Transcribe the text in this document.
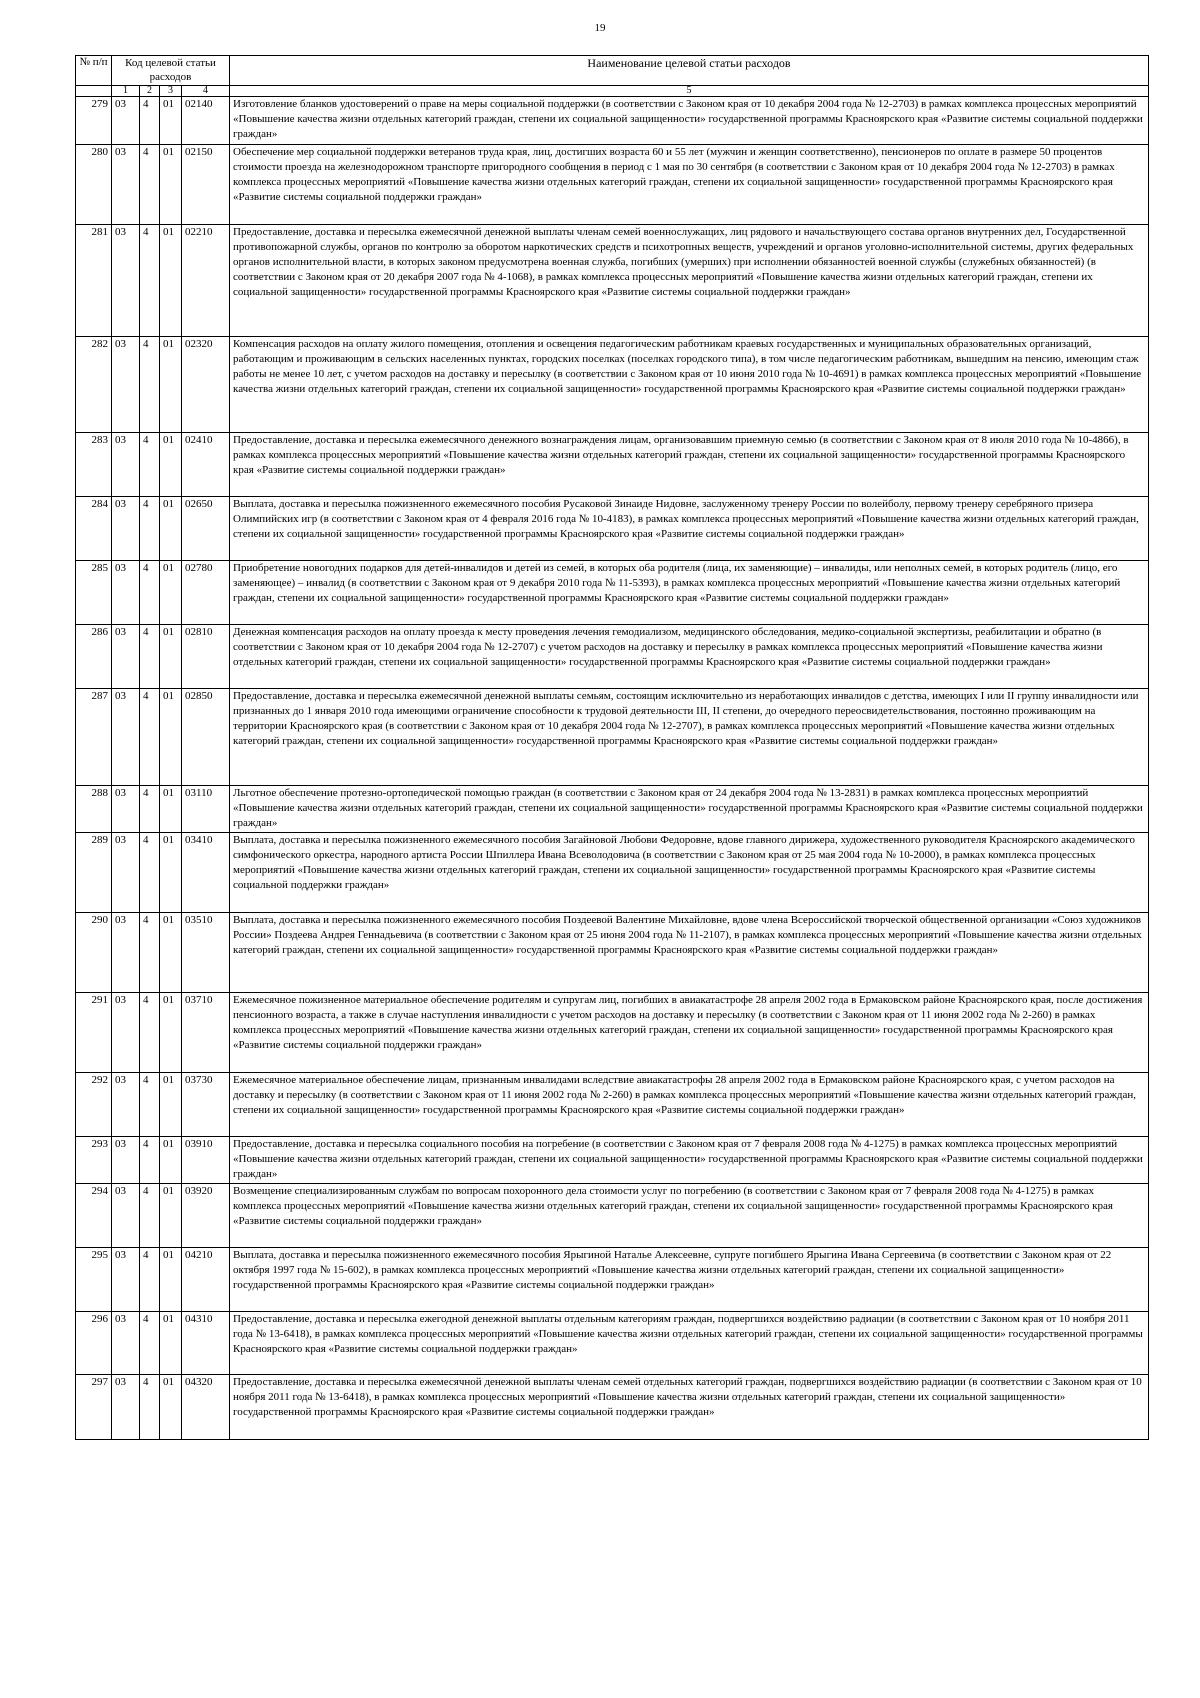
19
№ п/п	Код целевой статьи расходов				Наименование целевой статьи расходов

	1	2	3	4	5
279	03	4	01	02140	Изготовление бланков удостоверений о праве на меры социальной поддержки (в соответствии с Законом края от 10 декабря 2004 года № 12-2703) в рамках комплекса процессных мероприятий «Повышение качества жизни отдельных категорий граждан, степени их социальной защищенности» государственной программы Красноярского края «Развитие системы социальной поддержки граждан»
280	03	4	01	02150	Обеспечение мер социальной поддержки ветеранов труда края, лиц, достигших возраста 60 и 55 лет (мужчин и женщин соответственно), пенсионеров по оплате в размере 50 процентов стоимости проезда на железнодорожном транспорте пригородного сообщения в период с 1 мая по 30 сентября (в соответствии с Законом края от 10 декабря 2004 года № 12-2703) в рамках комплекса процессных мероприятий «Повышение качества жизни отдельных категорий граждан, степени их социальной защищенности» государственной программы Красноярского края «Развитие системы социальной поддержки граждан»
281	03	4	01	02210	Предоставление, доставка и пересылка ежемесячной денежной выплаты членам семей военнослужащих, лиц рядового и начальствующего состава органов внутренних дел, Государственной противопожарной службы, органов по контролю за оборотом наркотических средств и психотропных веществ, учреждений и органов уголовно-исполнительной системы, других федеральных органов исполнительной власти, в которых законом предусмотрена военная служба, погибших (умерших) при исполнении обязанностей военной службы (служебных обязанностей) (в соответствии с Законом края от 20 декабря 2007 года № 4-1068), в рамках комплекса процессных мероприятий «Повышение качества жизни отдельных категорий граждан, степени их социальной защищенности» государственной программы Красноярского края «Развитие системы социальной поддержки граждан»
282	03	4	01	02320	Компенсация расходов на оплату жилого помещения, отопления и освещения педагогическим работникам краевых государственных и муниципальных образовательных организаций, работающим и проживающим в сельских населенных пунктах, городских поселках (поселках городского типа), в том числе педагогическим работникам, вышедшим на пенсию, имеющим стаж работы не менее 10 лет, с учетом расходов на доставку и пересылку (в соответствии с Законом края от 10 июня 2010 года № 10-4691) в рамках комплекса процессных мероприятий «Повышение качества жизни отдельных категорий граждан, степени их социальной защищенности» государственной программы Красноярского края «Развитие системы социальной поддержки граждан»
283	03	4	01	02410	Предоставление, доставка и пересылка ежемесячного денежного вознаграждения лицам, организовавшим приемную семью (в соответствии с Законом края от 8 июля 2010 года № 10-4866), в рамках комплекса процессных мероприятий «Повышение качества жизни отдельных категорий граждан, степени их социальной защищенности» государственной программы Красноярского края «Развитие системы социальной поддержки граждан»
284	03	4	01	02650	Выплата, доставка и пересылка пожизненного ежемесячного пособия Русаковой Зинаиде Нидовне, заслуженному тренеру России по волейболу, первому тренеру серебряного призера Олимпийских игр (в соответствии с Законом края от 4 февраля 2016 года № 10-4183), в рамках комплекса процессных мероприятий «Повышение качества жизни отдельных категорий граждан, степени их социальной защищенности» государственной программы Красноярского края «Развитие системы социальной поддержки граждан»
285	03	4	01	02780	Приобретение новогодних подарков для детей-инвалидов и детей из семей, в которых оба родителя (лица, их заменяющие) – инвалиды, или неполных семей, в которых родитель (лицо, его заменяющее) – инвалид (в соответствии с Законом края от 9 декабря 2010 года № 11-5393), в рамках комплекса процессных мероприятий «Повышение качества жизни отдельных категорий граждан, степени их социальной защищенности» государственной программы Красноярского края «Развитие системы социальной поддержки граждан»
286	03	4	01	02810	Денежная компенсация расходов на оплату проезда к месту проведения лечения гемодиализом, медицинского обследования, медико-социальной экспертизы, реабилитации и обратно (в соответствии с Законом края от 10 декабря 2004 года № 12-2707) с учетом расходов на доставку и пересылку в рамках комплекса процессных мероприятий «Повышение качества жизни отдельных категорий граждан, степени их социальной защищенности» государственной программы Красноярского края «Развитие системы социальной поддержки граждан»
287	03	4	01	02850	Предоставление, доставка и пересылка ежемесячной денежной выплаты семьям, состоящим исключительно из неработающих инвалидов с детства, имеющих I или II группу инвалидности или признанных до 1 января 2010 года имеющими ограничение способности к трудовой деятельности III, II степени, до очередного переосвидетельствования, постоянно проживающим на территории Красноярского края (в соответствии с Законом края от 10 декабря 2004 года № 12-2707), в рамках комплекса процессных мероприятий «Повышение качества жизни отдельных категорий граждан, степени их социальной защищенности» государственной программы Красноярского края «Развитие системы социальной поддержки граждан»
288	03	4	01	03110	Льготное обеспечение протезно-ортопедической помощью граждан (в соответствии с Законом края от 24 декабря 2004 года № 13-2831) в рамках комплекса процессных мероприятий «Повышение качества жизни отдельных категорий граждан, степени их социальной защищенности» государственной программы Красноярского края «Развитие системы социальной поддержки граждан»
289	03	4	01	03410	Выплата, доставка и пересылка пожизненного ежемесячного пособия Загайновой Любови Федоровне, вдове главного дирижера, художественного руководителя Красноярского академического симфонического оркестра, народного артиста России Шпиллера Ивана Всеволодовича (в соответствии с Законом края от 25 мая 2004 года № 10-2000), в рамках комплекса процессных мероприятий «Повышение качества жизни отдельных категорий граждан, степени их социальной защищенности» государственной программы Красноярского края «Развитие системы социальной поддержки граждан»
290	03	4	01	03510	Выплата, доставка и пересылка пожизненного ежемесячного пособия Поздеевой Валентине Михайловне, вдове члена Всероссийской творческой общественной организации «Союз художников России» Поздеева Андрея Геннадьевича (в соответствии с Законом края от 25 июня 2004 года № 11-2107), в рамках комплекса процессных мероприятий «Повышение качества жизни отдельных категорий граждан, степени их социальной защищенности» государственной программы Красноярского края «Развитие системы социальной поддержки граждан»
291	03	4	01	03710	Ежемесячное пожизненное материальное обеспечение родителям и супругам лиц, погибших в авиакатастрофе 28 апреля 2002 года в Ермаковском районе Красноярского края, после достижения пенсионного возраста, а также в случае наступления инвалидности с учетом расходов на доставку и пересылку (в соответствии с Законом края от 11 июня 2002 года № 2-260) в рамках комплекса процессных мероприятий «Повышение качества жизни отдельных категорий граждан, степени их социальной защищенности» государственной программы Красноярского края «Развитие системы социальной поддержки граждан»
292	03	4	01	03730	Ежемесячное материальное обеспечение лицам, признанным инвалидами вследствие авиакатастрофы 28 апреля 2002 года в Ермаковском районе Красноярского края, с учетом расходов на доставку и пересылку (в соответствии с Законом края от 11 июня 2002 года № 2-260) в рамках комплекса процессных мероприятий «Повышение качества жизни отдельных категорий граждан, степени их социальной защищенности» государственной программы Красноярского края «Развитие системы социальной поддержки граждан»
293	03	4	01	03910	Предоставление, доставка и пересылка социального пособия на погребение (в соответствии с Законом края от 7 февраля 2008 года № 4-1275) в рамках комплекса процессных мероприятий «Повышение качества жизни отдельных категорий граждан, степени их социальной защищенности» государственной программы Красноярского края «Развитие системы социальной поддержки граждан»
294	03	4	01	03920	Возмещение специализированным службам по вопросам похоронного дела стоимости услуг по погребению (в соответствии с Законом края от 7 февраля 2008 года № 4-1275) в рамках комплекса процессных мероприятий «Повышение качества жизни отдельных категорий граждан, степени их социальной защищенности» государственной программы Красноярского края «Развитие системы социальной поддержки граждан»
295	03	4	01	04210	Выплата, доставка и пересылка пожизненного ежемесячного пособия Ярыгиной Наталье Алексеевне, супруге погибшего Ярыгина Ивана Сергеевича (в соответствии с Законом края от 22 октября 1997 года № 15-602), в рамках комплекса процессных мероприятий «Повышение качества жизни отдельных категорий граждан, степени их социальной защищенности» государственной программы Красноярского края «Развитие системы социальной поддержки граждан»
296	03	4	01	04310	Предоставление, доставка и пересылка ежегодной денежной выплаты отдельным категориям граждан, подвергшихся воздействию радиации (в соответствии с Законом края от 10 ноября 2011 года № 13-6418), в рамках комплекса процессных мероприятий «Повышение качества жизни отдельных категорий граждан, степени их социальной защищенности» государственной программы Красноярского края «Развитие системы социальной поддержки граждан»
297	03	4	01	04320	Предоставление, доставка и пересылка ежемесячной денежной выплаты членам семей отдельных категорий граждан, подвергшихся воздействию радиации (в соответствии с Законом края от 10 ноября 2011 года № 13-6418), в рамках комплекса процессных мероприятий «Повышение качества жизни отдельных категорий граждан, степени их социальной защищенности» государственной программы Красноярского края «Развитие системы социальной поддержки граждан»
